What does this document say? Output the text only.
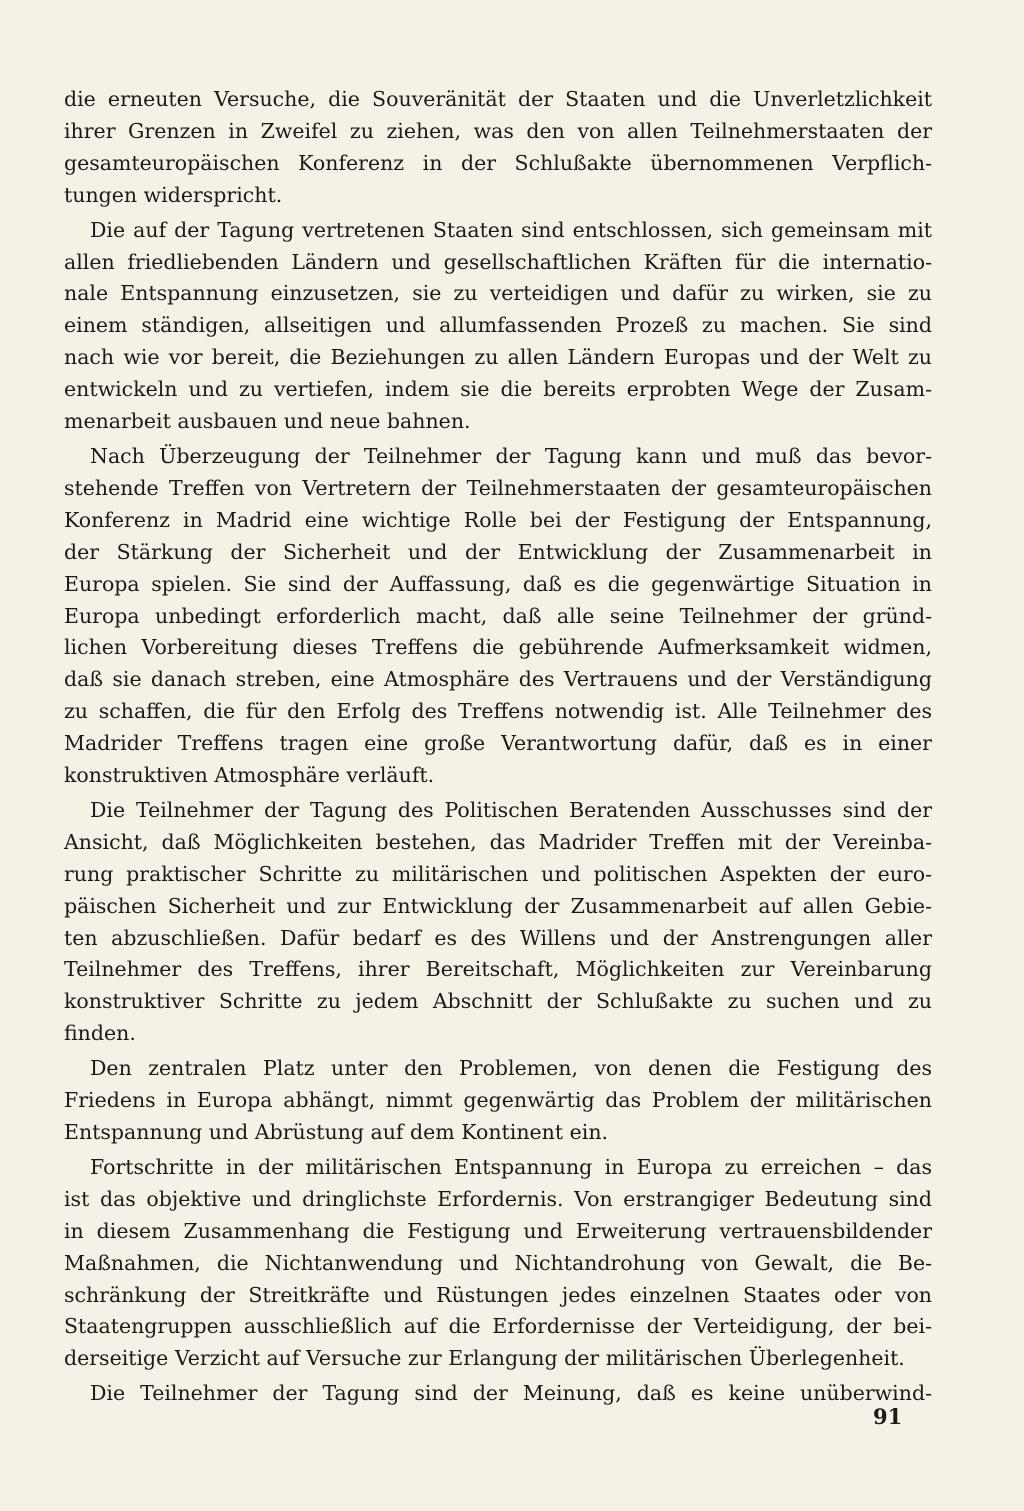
die erneuten Versuche, die Souveränität der Staaten und die Unverletzlichkeit
ihrer Grenzen in Zweifel zu ziehen, was den von allen Teilnehmerstaaten der
gesamteuropäischen Konferenz in der Schlußakte übernommenen Verpflich-
tungen widerspricht.
Die auf der Tagung vertretenen Staaten sind entschlossen, sich gemeinsam mit
allen friedliebenden Ländern und gesellschaftlichen Kräften für die internatio-
nale Entspannung einzusetzen, sie zu verteidigen und dafür zu wirken, sie zu
einem ständigen, allseitigen und allumfassenden Prozeß zu machen. Sie sind
nach wie vor bereit, die Beziehungen zu allen Ländern Europas und der Welt zu
entwickeln und zu vertiefen, indem sie die bereits erprobten Wege der Zusam-
menarbeit ausbauen und neue bahnen.
Nach Überzeugung der Teilnehmer der Tagung kann und muß das bevor-
stehende Treffen von Vertretern der Teilnehmerstaaten der gesamteuropäischen
Konferenz in Madrid eine wichtige Rolle bei der Festigung der Entspannung,
der Stärkung der Sicherheit und der Entwicklung der Zusammenarbeit in
Europa spielen. Sie sind der Auffassung, daß es die gegenwärtige Situation in
Europa unbedingt erforderlich macht, daß alle seine Teilnehmer der gründ-
lichen Vorbereitung dieses Treffens die gebührende Aufmerksamkeit widmen,
daß sie danach streben, eine Atmosphäre des Vertrauens und der Verständigung
zu schaffen, die für den Erfolg des Treffens notwendig ist. Alle Teilnehmer des
Madrider Treffens tragen eine große Verantwortung dafür, daß es in einer
konstruktiven Atmosphäre verläuft.
Die Teilnehmer der Tagung des Politischen Beratenden Ausschusses sind der
Ansicht, daß Möglichkeiten bestehen, das Madrider Treffen mit der Vereinba-
rung praktischer Schritte zu militärischen und politischen Aspekten der euro-
päischen Sicherheit und zur Entwicklung der Zusammenarbeit auf allen Gebie-
ten abzuschließen. Dafür bedarf es des Willens und der Anstrengungen aller
Teilnehmer des Treffens, ihrer Bereitschaft, Möglichkeiten zur Vereinbarung
konstruktiver Schritte zu jedem Abschnitt der Schlußakte zu suchen und zu
finden.
Den zentralen Platz unter den Problemen, von denen die Festigung des
Friedens in Europa abhängt, nimmt gegenwärtig das Problem der militärischen
Entspannung und Abrüstung auf dem Kontinent ein.
Fortschritte in der militärischen Entspannung in Europa zu erreichen – das
ist das objektive und dringlichste Erfordernis. Von erstrangiger Bedeutung sind
in diesem Zusammenhang die Festigung und Erweiterung vertrauensbildender
Maßnahmen, die Nichtanwendung und Nichtandrohung von Gewalt, die Be-
schränkung der Streitkräfte und Rüstungen jedes einzelnen Staates oder von
Staatengruppen ausschließlich auf die Erfordernisse der Verteidigung, der bei-
derseitige Verzicht auf Versuche zur Erlangung der militärischen Überlegenheit.
Die Teilnehmer der Tagung sind der Meinung, daß es keine unüberwind-
91
